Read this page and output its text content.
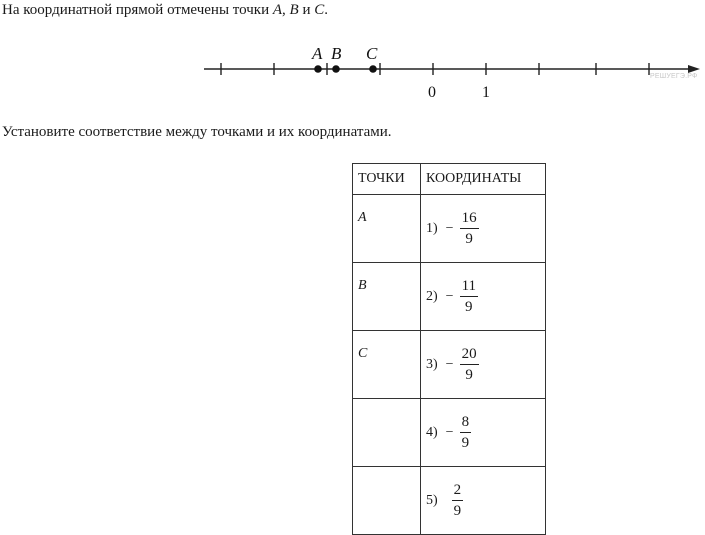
На координатной прямой отмечены точки A, B и C.
A B C
0	1
РЕШУЕГЭ.РФ
Установите соответствие между точками и их координатами.
ТОЧКИ	КООРДИНАТЫ
A	$1) - \frac{16}{9}$

B	$2) - \frac{11}{9}$

C	$3) - \frac{20}{9}$

	$4) - \frac{8}{9}$

	$5) \frac{2}{9}$
